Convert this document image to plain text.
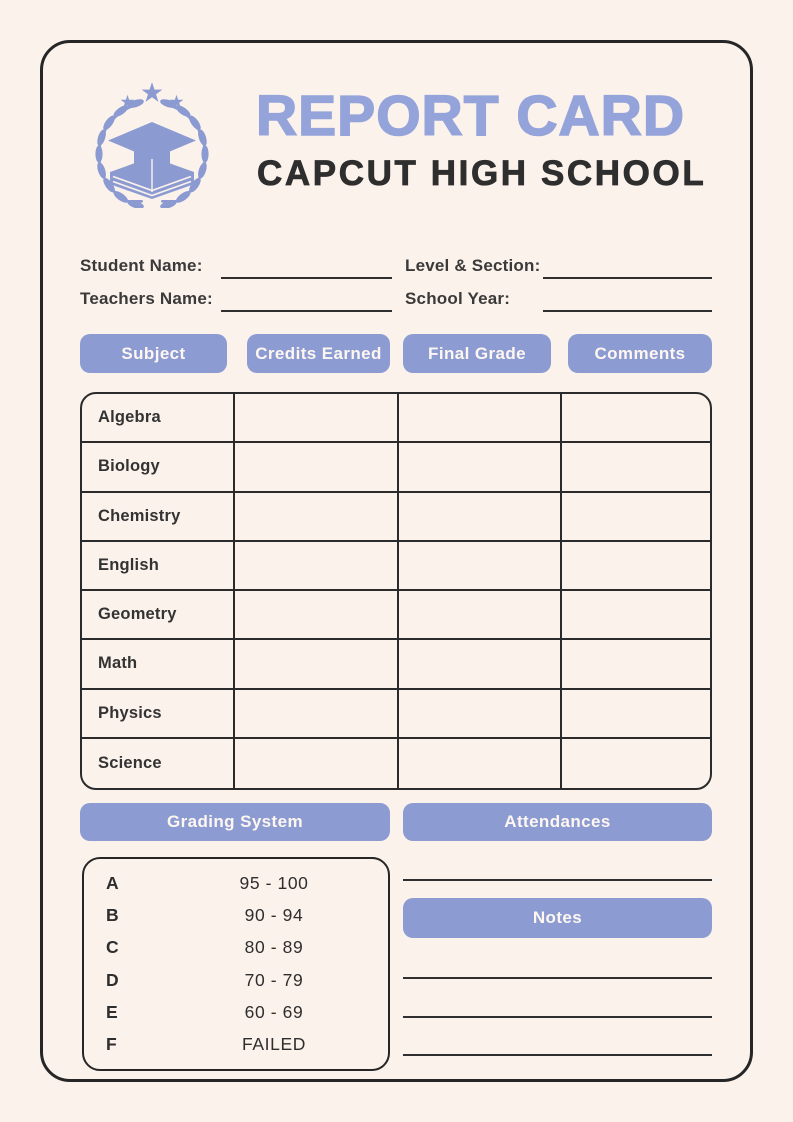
REPORT CARD
CAPCUT HIGH SCHOOL
Student Name:	Level & Section:
Teachers Name:	School Year:
Subject	Credits Earned	Final Grade	Comments
Algebra
Biology
Chemistry
English
Geometry
Math
Physics
Science
Grading System	Attendances
A	95 - 100
B	90 - 94
C	80 - 89
D	70 - 79
E	60 - 69
F	FAILED
Notes
